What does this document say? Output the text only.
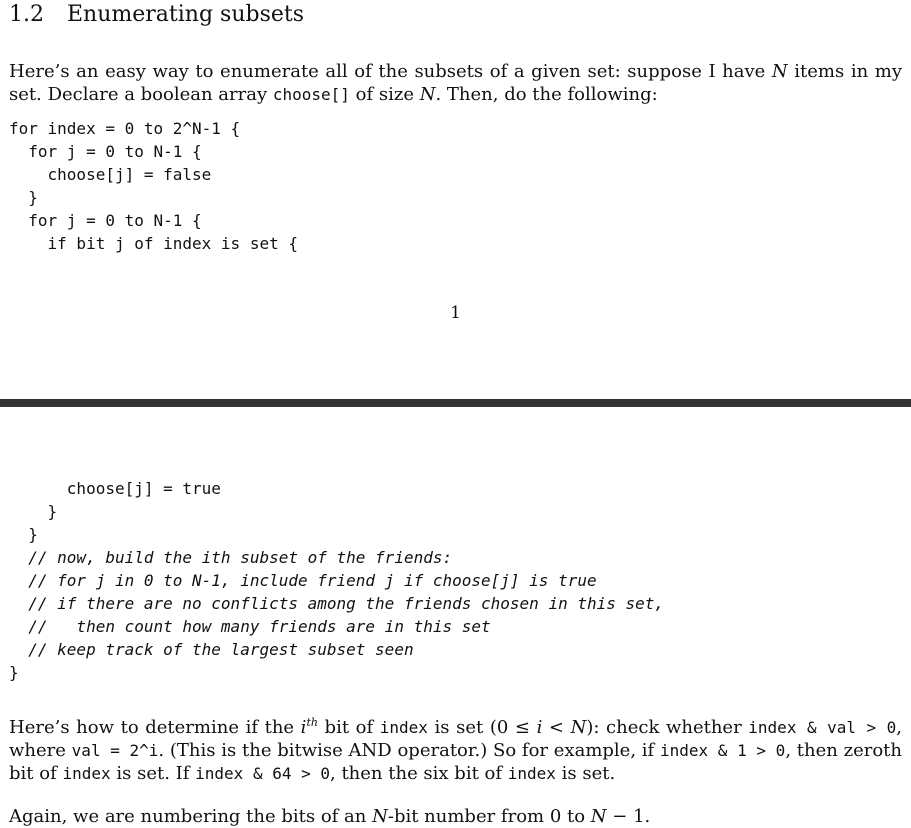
1.2 Enumerating subsets

Here’s an easy way to enumerate all of the subsets of a given set: suppose I have N items in my set. Declare a boolean array choose[] of size N. Then, do the following:

for index = 0 to 2^N-1 {
for j = 0 to N-1 {
choose[j] = false
}
for j = 0 to N-1 {
if bit j of index is set {
1
choose[j] = true
}
}
// now, build the ith subset of the friends:
// for j in 0 to N-1, include friend j if choose[j] is true
// if there are no conflicts among the friends chosen in this set,
//   then count how many friends are in this set
// keep track of the largest subset seen
}

Here’s how to determine if the $i^{th}$ bit of index is set (0 ≤ i < N): check whether index & val > 0, where val = 2^i. (This is the bitwise AND operator.) So for example, if index & 1 > 0, then zeroth bit of index is set. If index & 64 > 0, then the six bit of index is set.

Again, we are numbering the bits of an N-bit number from 0 to N − 1.
